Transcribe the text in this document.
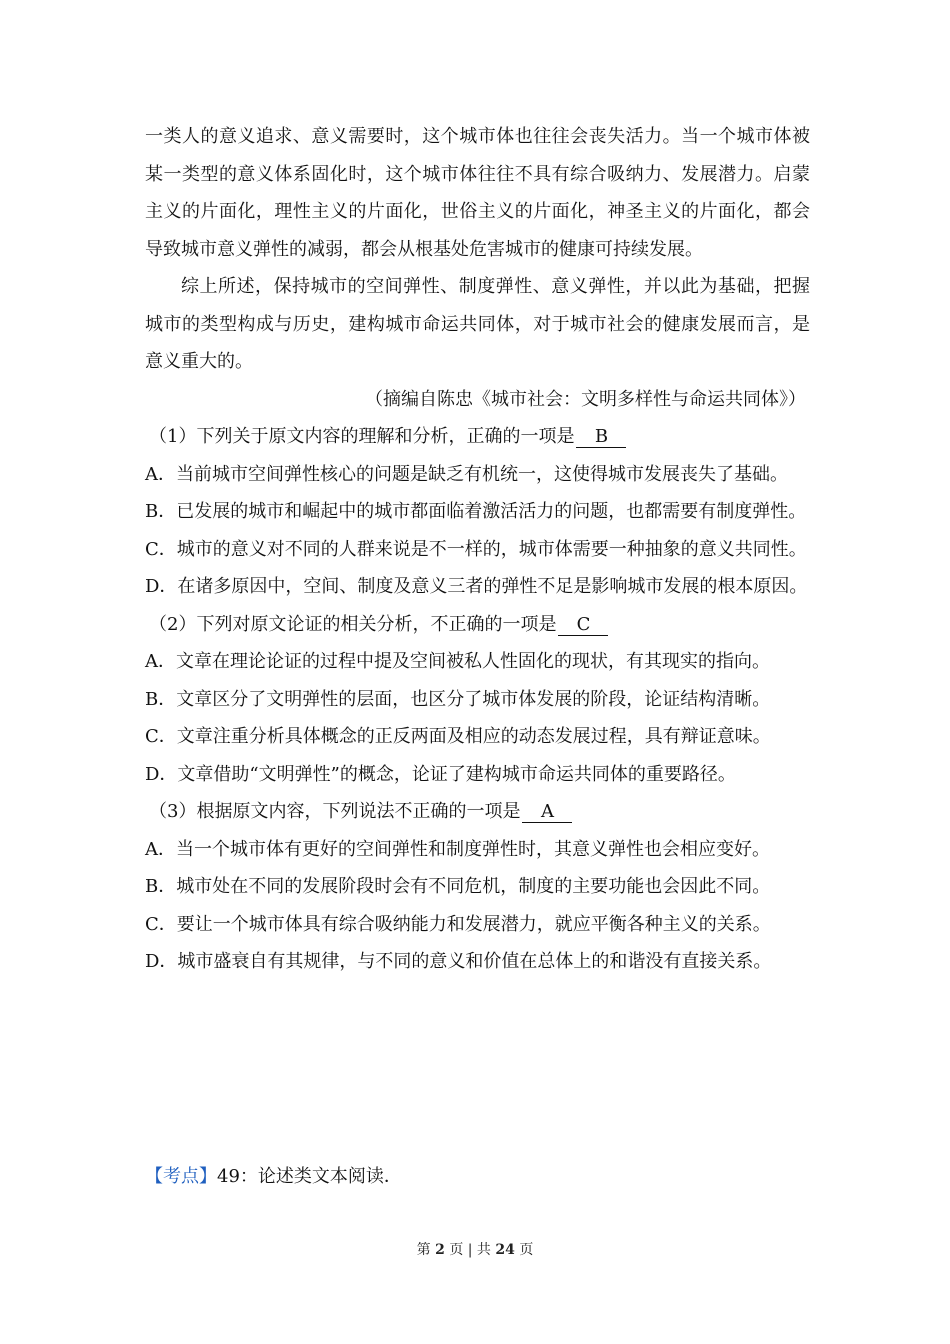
一类人的意义追求、意义需要时，这个城市体也往往会丧失活力。当一个城市体被某一类型的意义体系固化时，这个城市体往往不具有综合吸纳力、发展潜力。启蒙主义的片面化，理性主义的片面化，世俗主义的片面化，神圣主义的片面化，都会导致城市意义弹性的减弱，都会从根基处危害城市的健康可持续发展。

综上所述，保持城市的空间弹性、制度弹性、意义弹性，并以此为基础，把握城市的类型构成与历史，建构城市命运共同体，对于城市社会的健康发展而言，是意义重大的。

（摘编自陈忠《城市社会：文明多样性与命运共同体》）

（1）下列关于原文内容的理解和分析，正确的一项是 B

A．当前城市空间弹性核心的问题是缺乏有机统一，这使得城市发展丧失了基础。

B．已发展的城市和崛起中的城市都面临着激活活力的问题，也都需要有制度弹性。

C．城市的意义对不同的人群来说是不一样的，城市体需要一种抽象的意义共同性。

D．在诸多原因中，空间、制度及意义三者的弹性不足是影响城市发展的根本原因。

（2）下列对原文论证的相关分析，不正确的一项是 C

A．文章在理论论证的过程中提及空间被私人性固化的现状，有其现实的指向。

B．文章区分了文明弹性的层面，也区分了城市体发展的阶段，论证结构清晰。

C．文章注重分析具体概念的正反两面及相应的动态发展过程，具有辩证意味。

D．文章借助“文明弹性”的概念，论证了建构城市命运共同体的重要路径。

（3）根据原文内容，下列说法不正确的一项是 A

A．当一个城市体有更好的空间弹性和制度弹性时，其意义弹性也会相应变好。

B．城市处在不同的发展阶段时会有不同危机，制度的主要功能也会因此不同。

C．要让一个城市体具有综合吸纳能力和发展潜力，就应平衡各种主义的关系。

D．城市盛衰自有其规律，与不同的意义和价值在总体上的和谐没有直接关系。

【考点】49：论述类文本阅读．
第 2 页 | 共 24 页
